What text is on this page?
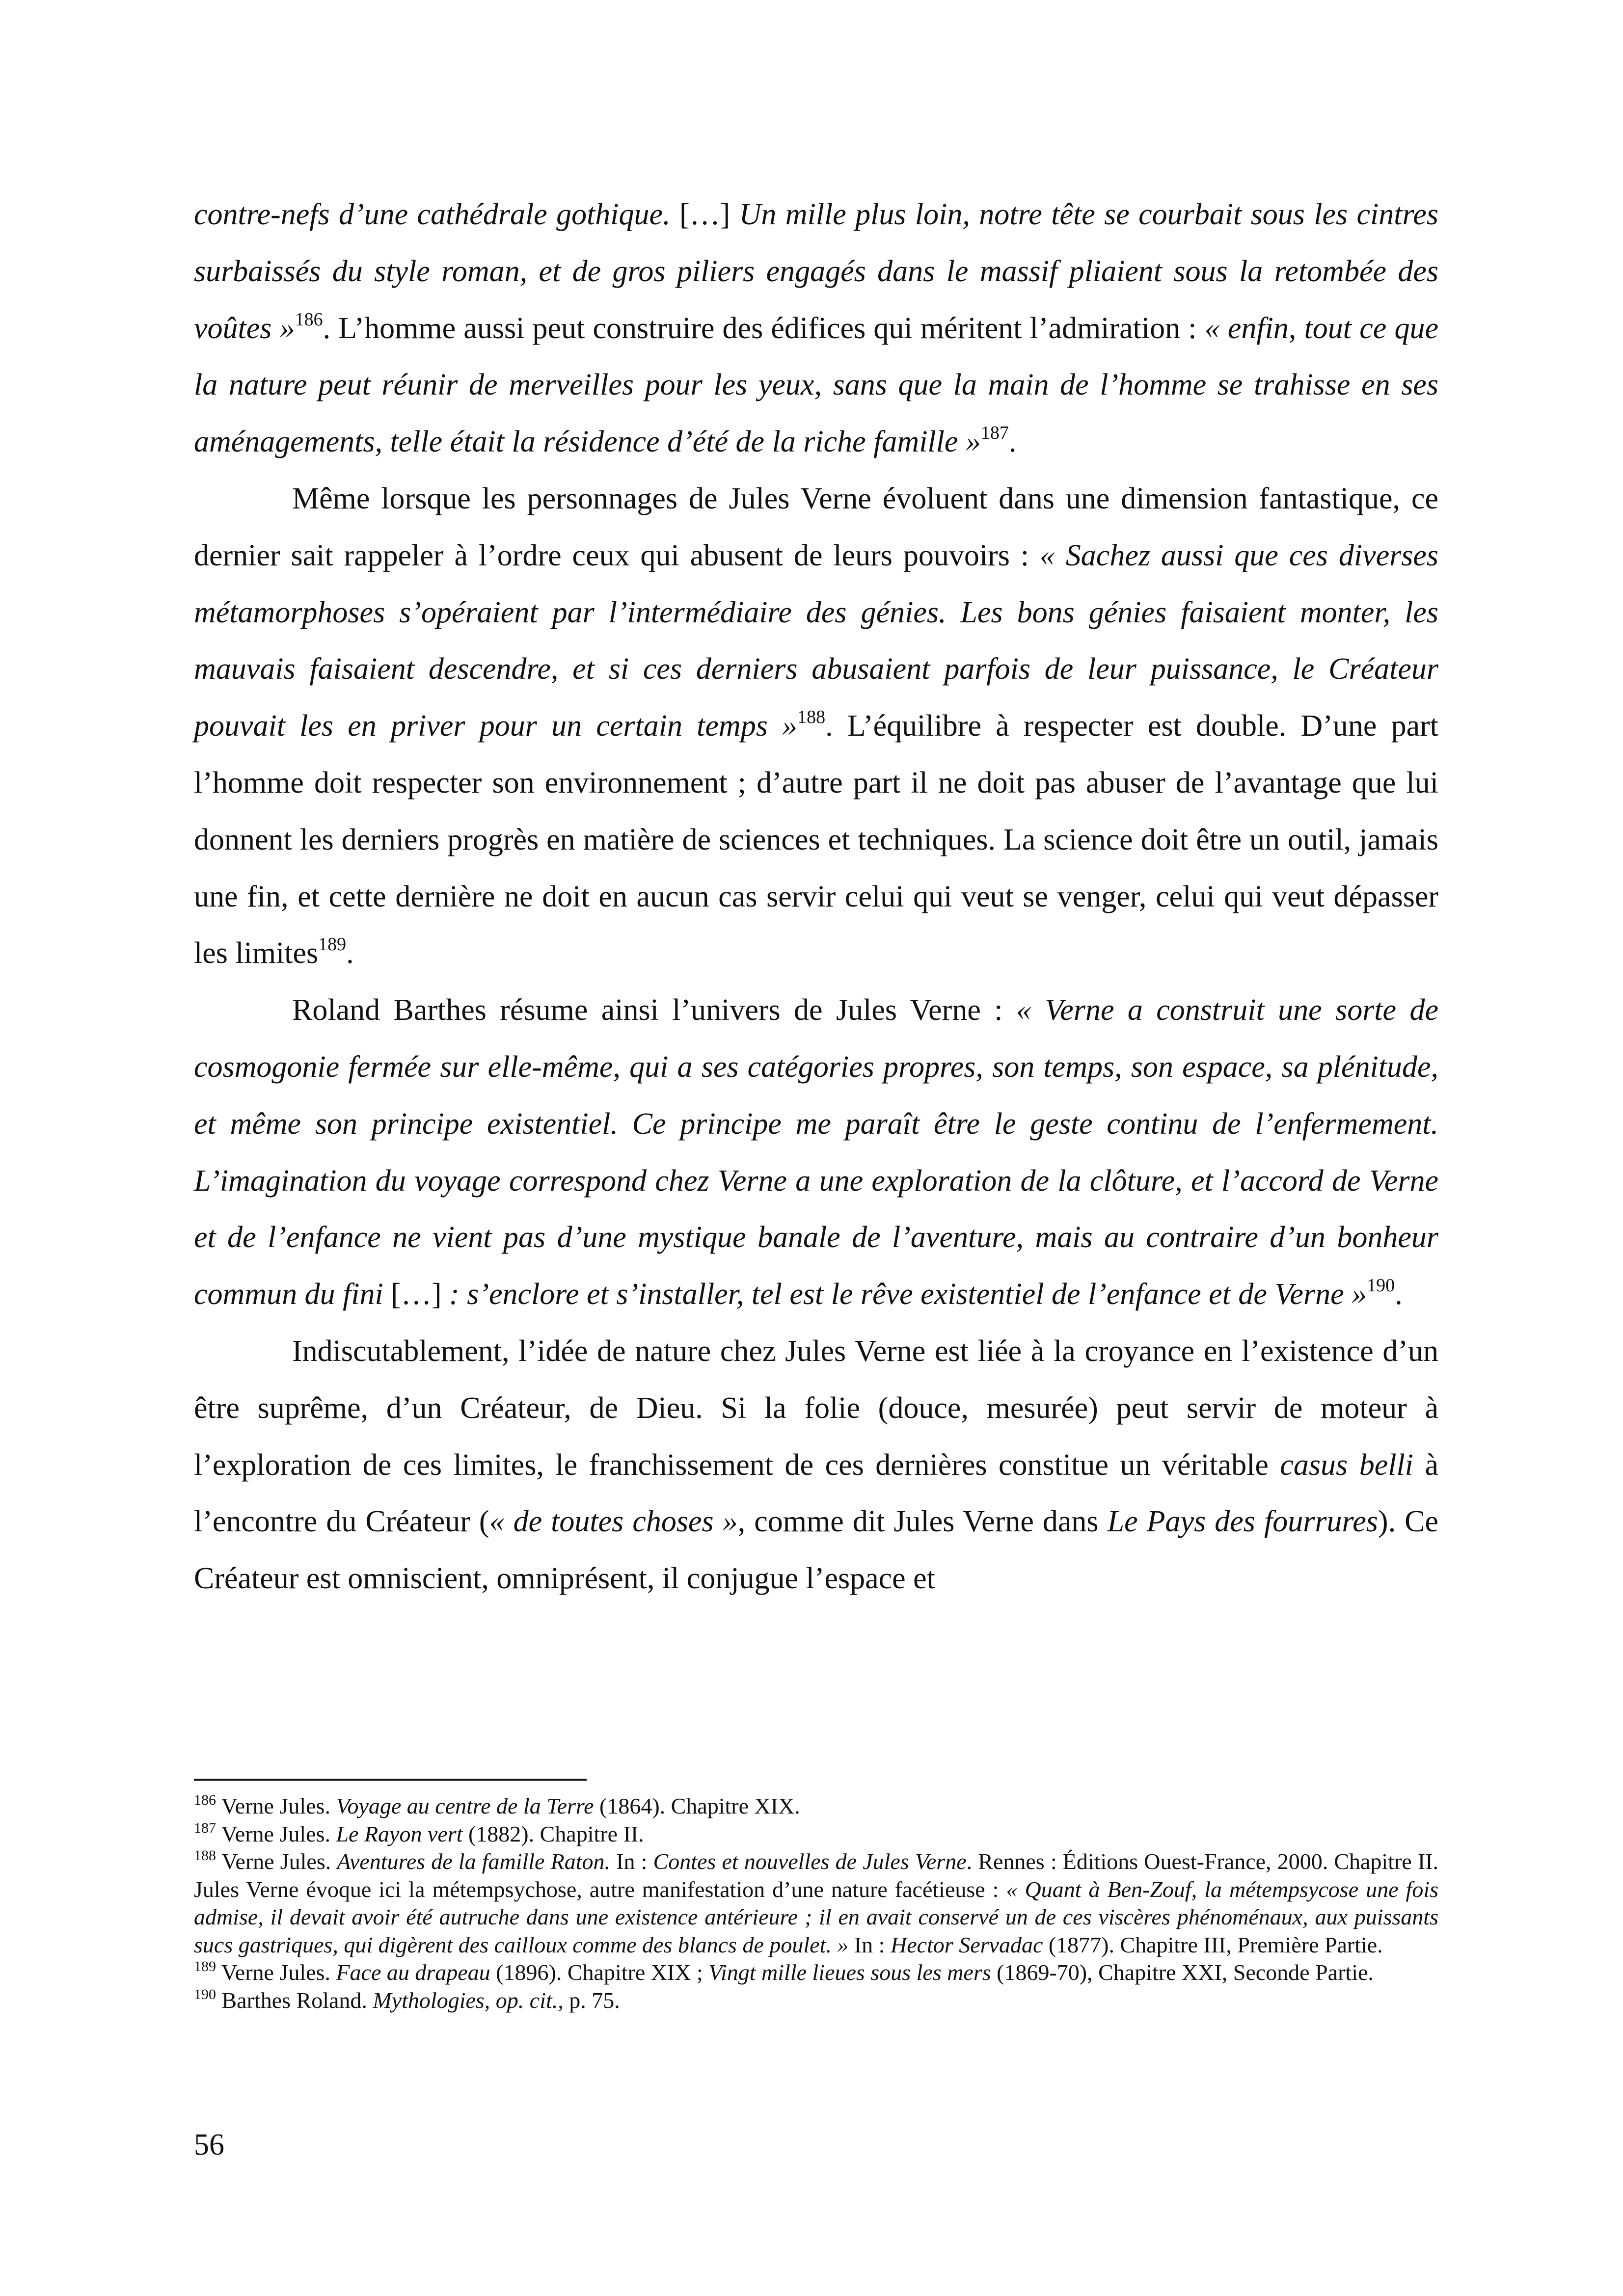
contre-nefs d’une cathédrale gothique. […] Un mille plus loin, notre tête se courbait sous les cintres surbaissés du style roman, et de gros piliers engagés dans le massif pliaient sous la retombée des voûtes »$^{186}$. L’homme aussi peut construire des édifices qui méritent l’admiration : « enfin, tout ce que la nature peut réunir de merveilles pour les yeux, sans que la main de l’homme se trahisse en ses aménagements, telle était la résidence d’été de la riche famille »$^{187}$.

Même lorsque les personnages de Jules Verne évoluent dans une dimension fantastique, ce dernier sait rappeler à l’ordre ceux qui abusent de leurs pouvoirs : « Sachez aussi que ces diverses métamorphoses s’opéraient par l’intermédiaire des génies. Les bons génies faisaient monter, les mauvais faisaient descendre, et si ces derniers abusaient parfois de leur puissance, le Créateur pouvait les en priver pour un certain temps »$^{188}$. L’équilibre à respecter est double. D’une part l’homme doit respecter son environnement ; d’autre part il ne doit pas abuser de l’avantage que lui donnent les derniers progrès en matière de sciences et techniques. La science doit être un outil, jamais une fin, et cette dernière ne doit en aucun cas servir celui qui veut se venger, celui qui veut dépasser les limites$^{189}$.

Roland Barthes résume ainsi l’univers de Jules Verne : « Verne a construit une sorte de cosmogonie fermée sur elle-même, qui a ses catégories propres, son temps, son espace, sa plénitude, et même son principe existentiel. Ce principe me paraît être le geste continu de l’enfermement. L’imagination du voyage correspond chez Verne a une exploration de la clôture, et l’accord de Verne et de l’enfance ne vient pas d’une mystique banale de l’aventure, mais au contraire d’un bonheur commun du fini […] : s’enclore et s’installer, tel est le rêve existentiel de l’enfance et de Verne »$^{190}$.

Indiscutablement, l’idée de nature chez Jules Verne est liée à la croyance en l’existence d’un être suprême, d’un Créateur, de Dieu. Si la folie (douce, mesurée) peut servir de moteur à l’exploration de ces limites, le franchissement de ces dernières constitue un véritable casus belli à l’encontre du Créateur (« de toutes choses », comme dit Jules Verne dans Le Pays des fourrures). Ce Créateur est omniscient, omniprésent, il conjugue l’espace et

$^{186}$ Verne Jules. Voyage au centre de la Terre (1864). Chapitre XIX.

$^{187}$ Verne Jules. Le Rayon vert (1882). Chapitre II.

$^{188}$ Verne Jules. Aventures de la famille Raton. In : Contes et nouvelles de Jules Verne. Rennes : Éditions Ouest-France, 2000. Chapitre II. Jules Verne évoque ici la métempsychose, autre manifestation d’une nature facétieuse : « Quant à Ben-Zouf, la métempsycose une fois admise, il devait avoir été autruche dans une existence antérieure ; il en avait conservé un de ces viscères phénoménaux, aux puissants sucs gastriques, qui digèrent des cailloux comme des blancs de poulet. » In : Hector Servadac (1877). Chapitre III, Première Partie.

$^{189}$ Verne Jules. Face au drapeau (1896). Chapitre XIX ; Vingt mille lieues sous les mers (1869-70), Chapitre XXI, Seconde Partie.

$^{190}$ Barthes Roland. Mythologies, op. cit., p. 75.

56
